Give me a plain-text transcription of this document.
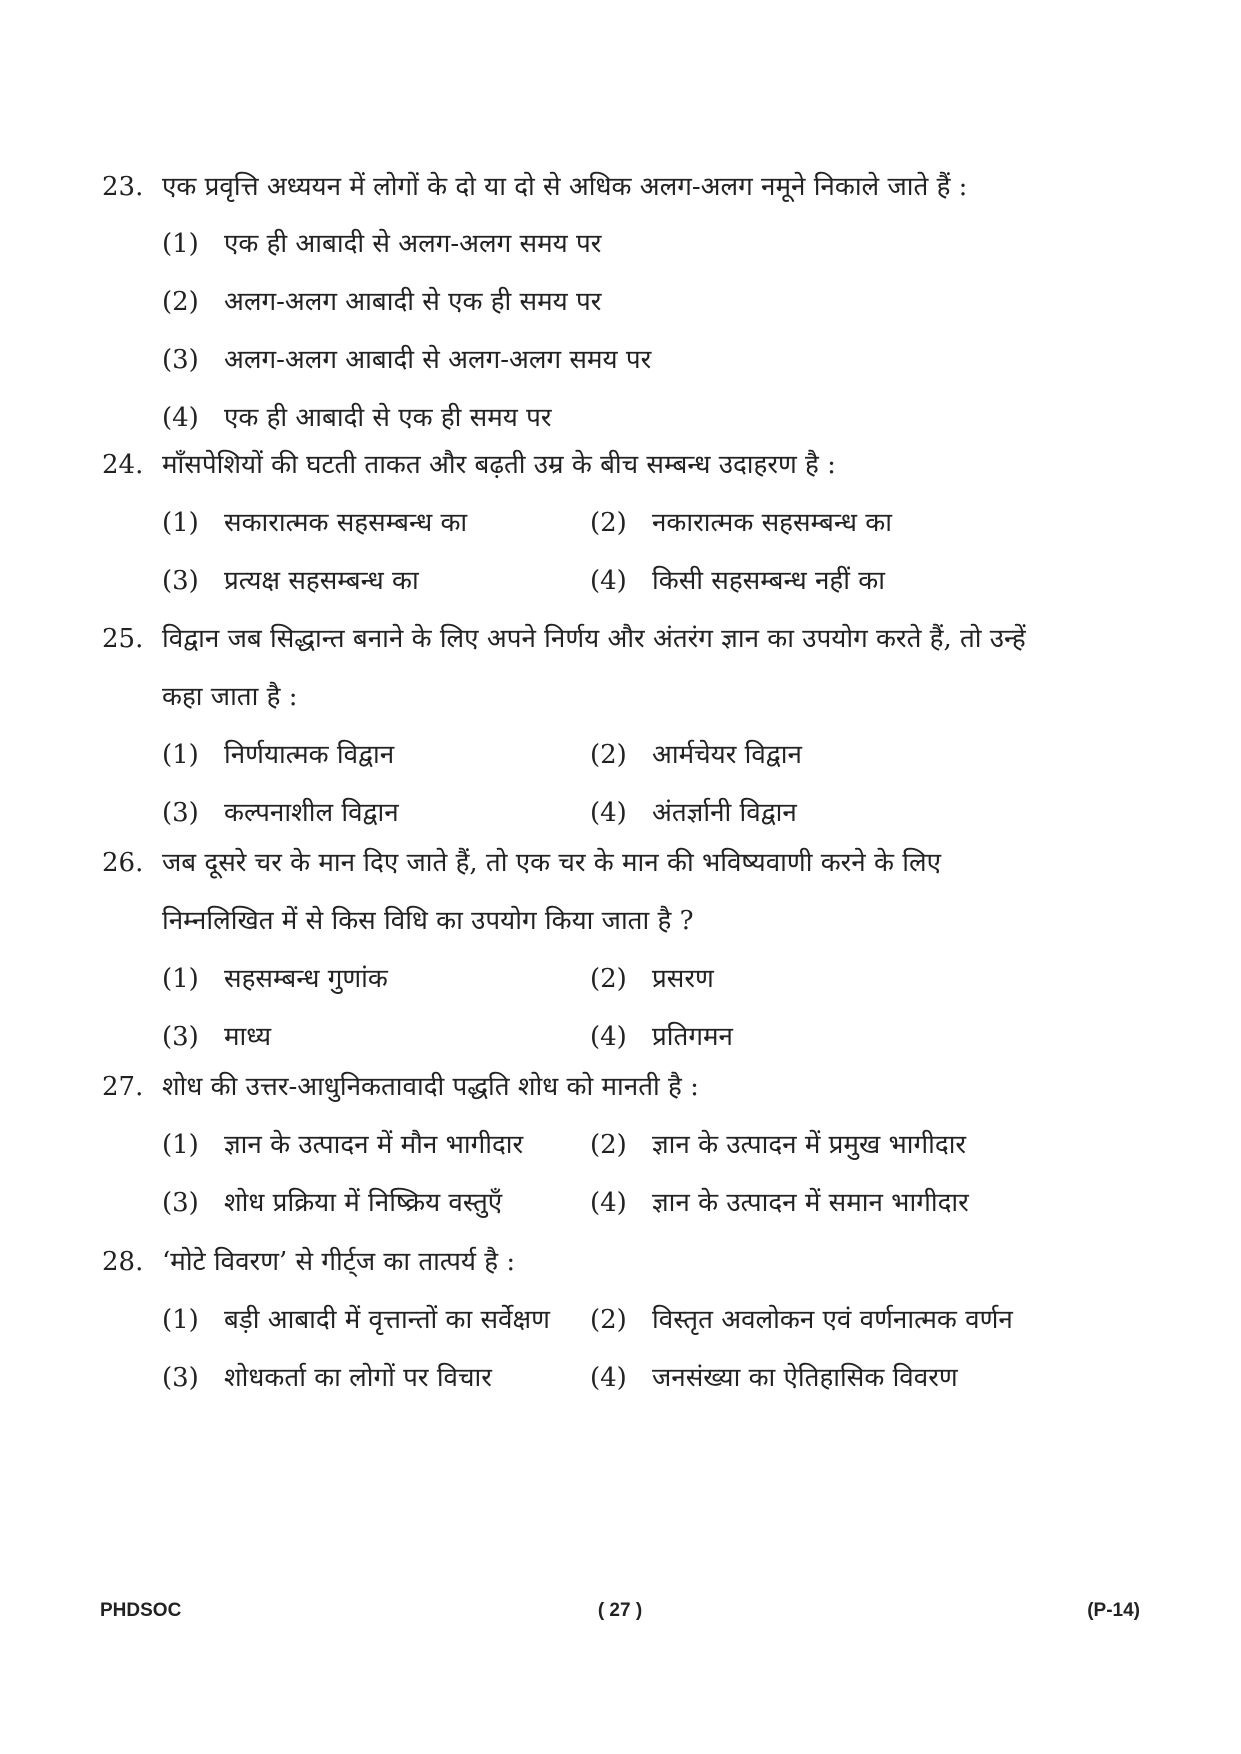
23. एक प्रवृत्ति अध्ययन में लोगों के दो या दो से अधिक अलग-अलग नमूने निकाले जाते हैं :
(1) एक ही आबादी से अलग-अलग समय पर
(2) अलग-अलग आबादी से एक ही समय पर
(3) अलग-अलग आबादी से अलग-अलग समय पर
(4) एक ही आबादी से एक ही समय पर
24. माँसपेशियों की घटती ताकत और बढ़ती उम्र के बीच सम्बन्ध उदाहरण है :
(1) सकारात्मक सहसम्बन्ध का	(2) नकारात्मक सहसम्बन्ध का
(3) प्रत्यक्ष सहसम्बन्ध का	(4) किसी सहसम्बन्ध नहीं का
25. विद्वान जब सिद्धान्त बनाने के लिए अपने निर्णय और अंतरंग ज्ञान का उपयोग करते हैं, तो उन्हें
कहा जाता है :
(1) निर्णयात्मक विद्वान	(2) आर्मचेयर विद्वान
(3) कल्पनाशील विद्वान	(4) अंतर्ज्ञानी विद्वान
26. जब दूसरे चर के मान दिए जाते हैं, तो एक चर के मान की भविष्यवाणी करने के लिए
निम्नलिखित में से किस विधि का उपयोग किया जाता है ?
(1) सहसम्बन्ध गुणांक	(2) प्रसरण
(3) माध्य	(4) प्रतिगमन
27. शोध की उत्तर-आधुनिकतावादी पद्धति शोध को मानती है :
(1) ज्ञान के उत्पादन में मौन भागीदार	(2) ज्ञान के उत्पादन में प्रमुख भागीदार
(3) शोध प्रक्रिया में निष्क्रिय वस्तुएँ	(4) ज्ञान के उत्पादन में समान भागीदार
28. ‘मोटे विवरण’ से गीर्ट्ज का तात्पर्य है :
(1) बड़ी आबादी में वृत्तान्तों का सर्वेक्षण	(2) विस्तृत अवलोकन एवं वर्णनात्मक वर्णन
(3) शोधकर्ता का लोगों पर विचार	(4) जनसंख्या का ऐतिहासिक विवरण
PHDSOC	( 27 )	(P-14)
